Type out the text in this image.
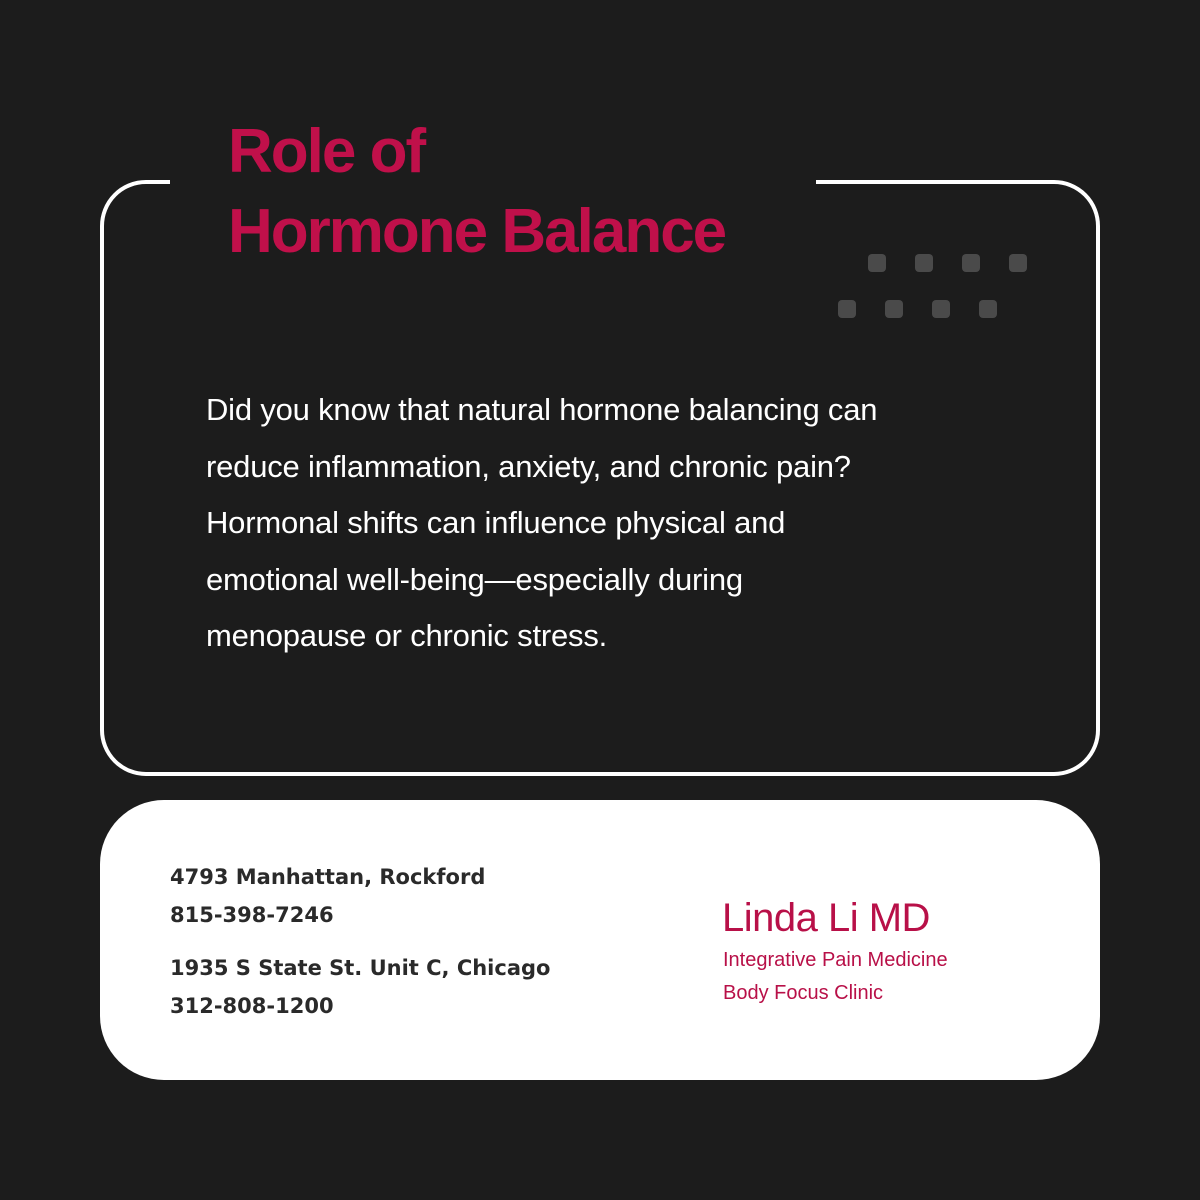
Role of
Hormone Balance

Did you know that natural hormone balancing can
reduce inflammation, anxiety, and chronic pain?
Hormonal shifts can influence physical and
emotional well-being—especially during
menopause or chronic stress.

4793 Manhattan, Rockford
815-398-7246
1935 S State St. Unit C, Chicago
312-808-1200
Linda Li MD
Integrative Pain Medicine
Body Focus Clinic
